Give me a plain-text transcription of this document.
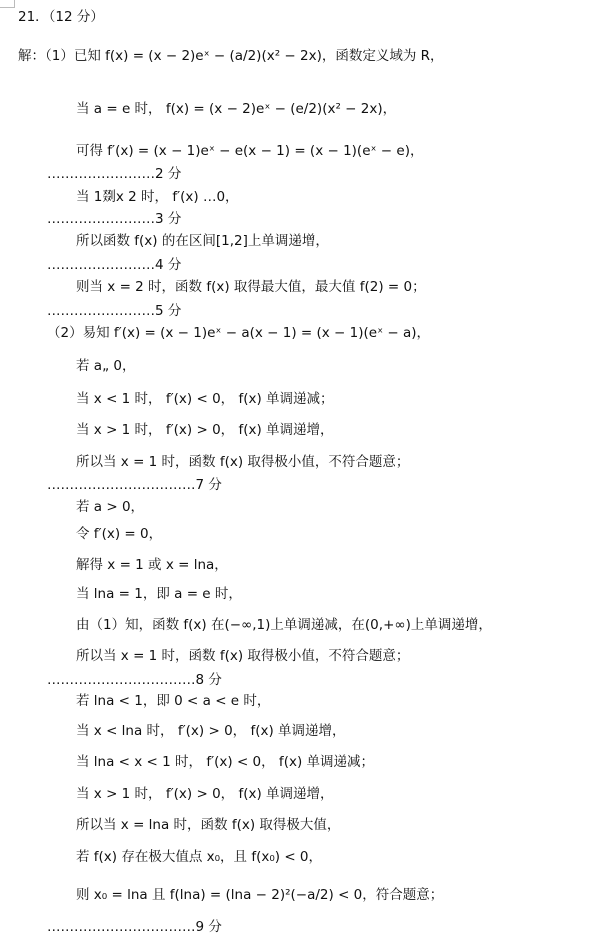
21．（12 分）
解：（1）已知 f(x) = (x − 2)eˣ − (a/2)(x² − 2x)，函数定义域为 R，
当 a = e 时， f(x) = (x − 2)eˣ − (e/2)(x² − 2x)，
可得 f′(x) = (x − 1)eˣ − e(x − 1) = (x − 1)(eˣ − e)，
……………………2 分
当 1剟x 2 时， f′(x) …0，
……………………3 分
所以函数 f(x) 的在区间[1,2]上单调递增，
……………………4 分
则当 x = 2 时，函数 f(x) 取得最大值，最大值 f(2) = 0；
……………………5 分
（2）易知 f′(x) = (x − 1)eˣ − a(x − 1) = (x − 1)(eˣ − a)，
若 a„ 0，
当 x < 1 时， f′(x) < 0， f(x) 单调递减；
当 x > 1 时， f′(x) > 0， f(x) 单调递增，
所以当 x = 1 时，函数 f(x) 取得极小值，不符合题意；
……………………………7 分
若 a > 0，
令 f′(x) = 0，
解得 x = 1 或 x = lna，
当 lna = 1，即 a = e 时，
由（1）知，函数 f(x) 在(−∞,1)上单调递减，在(0,+∞)上单调递增，
所以当 x = 1 时，函数 f(x) 取得极小值，不符合题意；
……………………………8 分
若 lna < 1，即 0 < a < e 时，
当 x < lna 时， f′(x) > 0， f(x) 单调递增，
当 lna < x < 1 时， f′(x) < 0， f(x) 单调递减；
当 x > 1 时， f′(x) > 0， f(x) 单调递增，
所以当 x = lna 时，函数 f(x) 取得极大值，
若 f(x) 存在极大值点 x₀，且 f(x₀) < 0，
则 x₀ = lna 且 f(lna) = (lna − 2)²(−a/2) < 0，符合题意；
……………………………9 分
